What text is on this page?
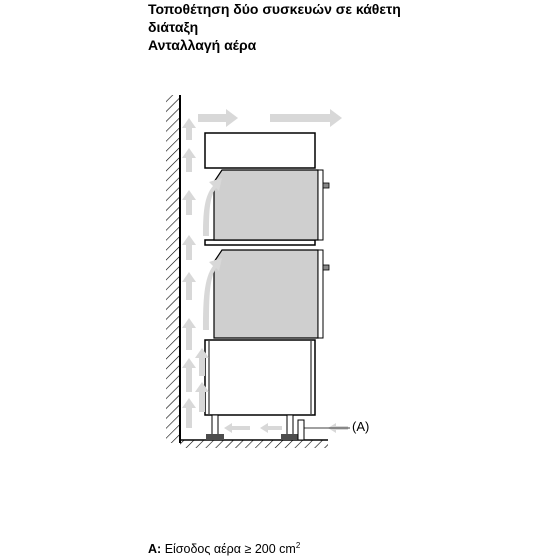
Τοποθέτηση δύο συσκευών σε κάθετη
διάταξη
Ανταλλαγή αέρα
(A)
A: Είσοδος αέρα ≥ 200 $cm^2$
